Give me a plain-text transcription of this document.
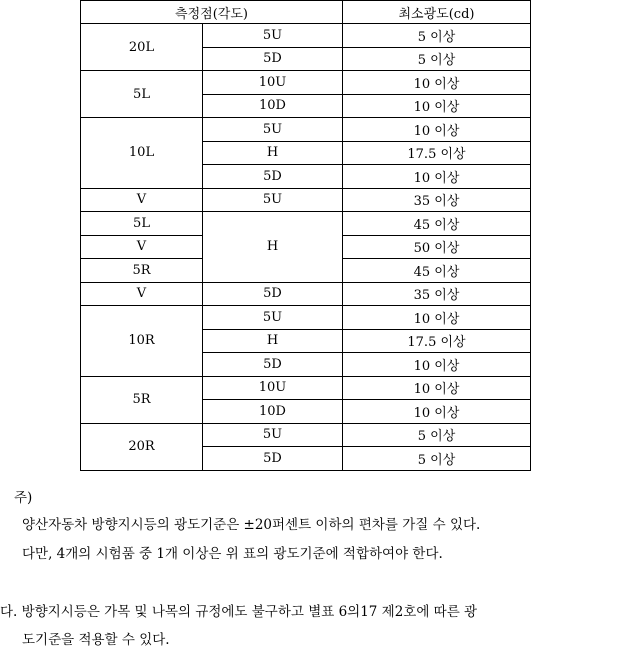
측정점(각도)		최소광도(cd)
20L	5U	5 이상
	5D	5 이상
5L	10U	10 이상
	10D	10 이상
10L	5U	10 이상
	H	17.5 이상
	5D	10 이상
V	5U	35 이상
5L	H	45 이상
V		50 이상
5R		45 이상
V	5D	35 이상
10R	5U	10 이상
	H	17.5 이상
	5D	10 이상
5R	10U	10 이상
	10D	10 이상
20R	5U	5 이상
	5D	5 이상
주)
양산자동차 방향지시등의 광도기준은 ±20퍼센트 이하의 편차를 가질 수 있다.
다만, 4개의 시험품 중 1개 이상은 위 표의 광도기준에 적합하여야 한다.
다. 방향지시등은 가목 및 나목의 규정에도 불구하고 별표 6의17 제2호에 따른 광
도기준을 적용할 수 있다.
